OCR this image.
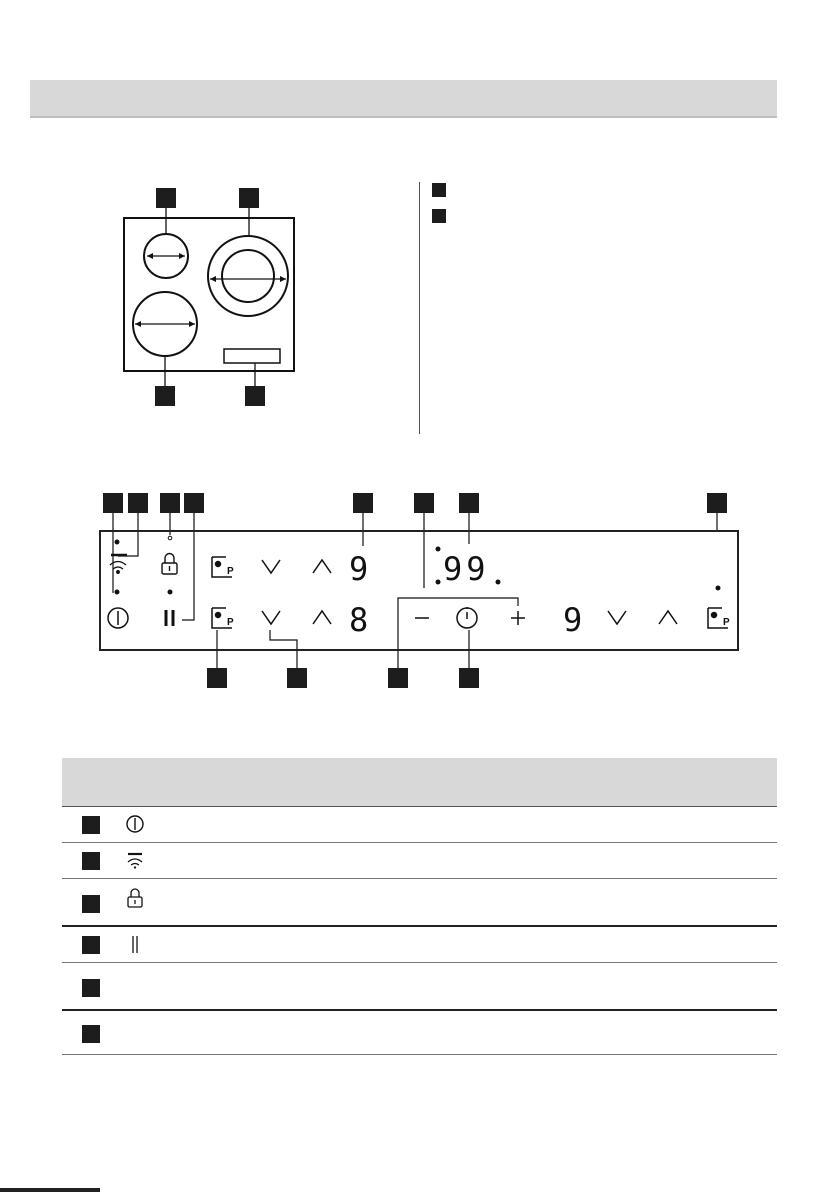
P
P	P
9 99
8	9
